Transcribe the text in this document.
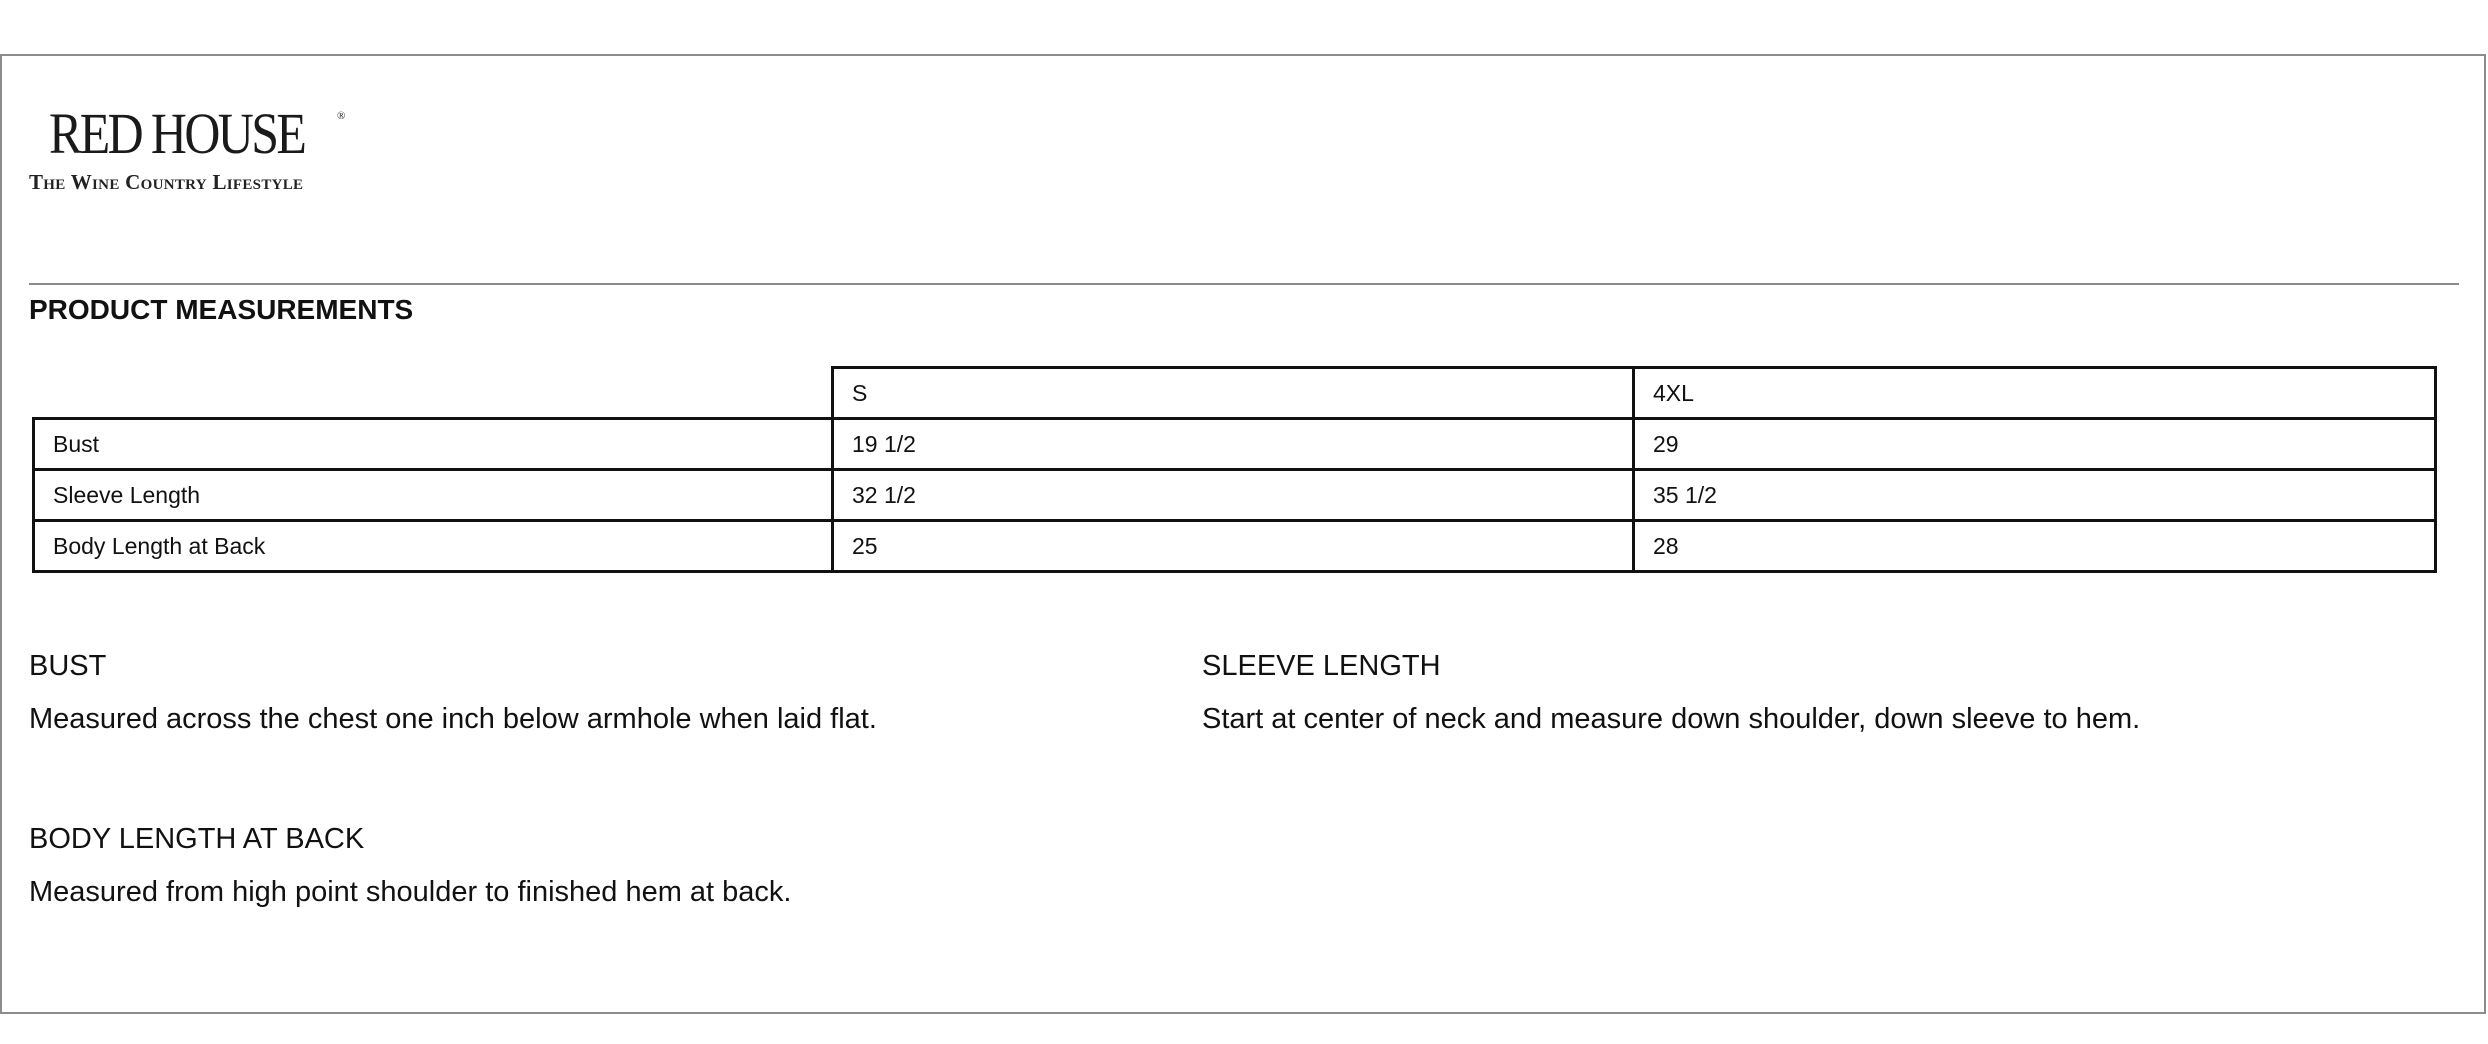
RED HOUSE	®
The Wine Country Lifestyle
PRODUCT MEASUREMENTS
	S	4XL
Bust	19 1/2	29
Sleeve Length	32 1/2	35 1/2
Body Length at Back	25	28
BUST
Measured across the chest one inch below armhole when laid flat.
SLEEVE LENGTH
Start at center of neck and measure down shoulder, down sleeve to hem.
BODY LENGTH AT BACK
Measured from high point shoulder to finished hem at back.
